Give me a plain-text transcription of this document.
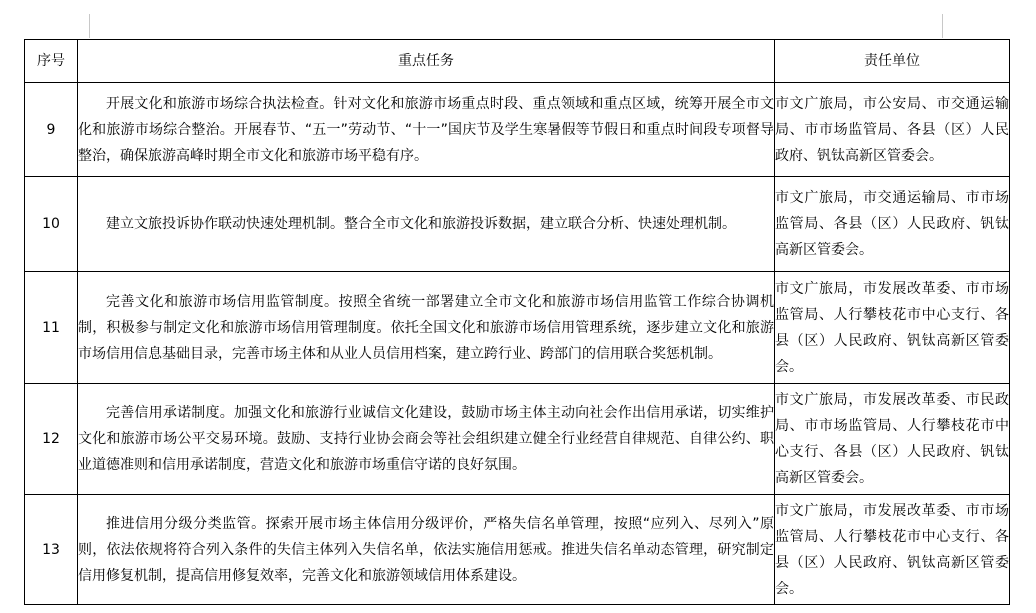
序号	重点任务	责任单位
9	开展文化和旅游市场综合执法检查。针对文化和旅游市场重点时段、重点领域和重点区域，统筹开展全市文化和旅游市场综合整治。开展春节、“五一”劳动节、“十一”国庆节及学生寒暑假等节假日和重点时间段专项督导整治，确保旅游高峰时期全市文化和旅游市场平稳有序。	市文广旅局，市公安局、市交通运输局、市市场监管局、各县（区）人民政府、钒钛高新区管委会。
10	建立文旅投诉协作联动快速处理机制。整合全市文化和旅游投诉数据，建立联合分析、快速处理机制。	市文广旅局，市交通运输局、市市场监管局、各县（区）人民政府、钒钛高新区管委会。
11	完善文化和旅游市场信用监管制度。按照全省统一部署建立全市文化和旅游市场信用监管工作综合协调机制，积极参与制定文化和旅游市场信用管理制度。依托全国文化和旅游市场信用管理系统，逐步建立文化和旅游市场信用信息基础目录，完善市场主体和从业人员信用档案，建立跨行业、跨部门的信用联合奖惩机制。	市文广旅局，市发展改革委、市市场监管局、人行攀枝花市中心支行、各县（区）人民政府、钒钛高新区管委会。
12	完善信用承诺制度。加强文化和旅游行业诚信文化建设，鼓励市场主体主动向社会作出信用承诺，切实维护文化和旅游市场公平交易环境。鼓励、支持行业协会商会等社会组织建立健全行业经营自律规范、自律公约、职业道德准则和信用承诺制度，营造文化和旅游市场重信守诺的良好氛围。	市文广旅局，市发展改革委、市民政局、市市场监管局、人行攀枝花市中心支行、各县（区）人民政府、钒钛高新区管委会。
13	推进信用分级分类监管。探索开展市场主体信用分级评价，严格失信名单管理，按照“应列入、尽列入”原则，依法依规将符合列入条件的失信主体列入失信名单，依法实施信用惩戒。推进失信名单动态管理，研究制定信用修复机制，提高信用修复效率，完善文化和旅游领域信用体系建设。	市文广旅局，市发展改革委、市市场监管局、人行攀枝花市中心支行、各县（区）人民政府、钒钛高新区管委会。
